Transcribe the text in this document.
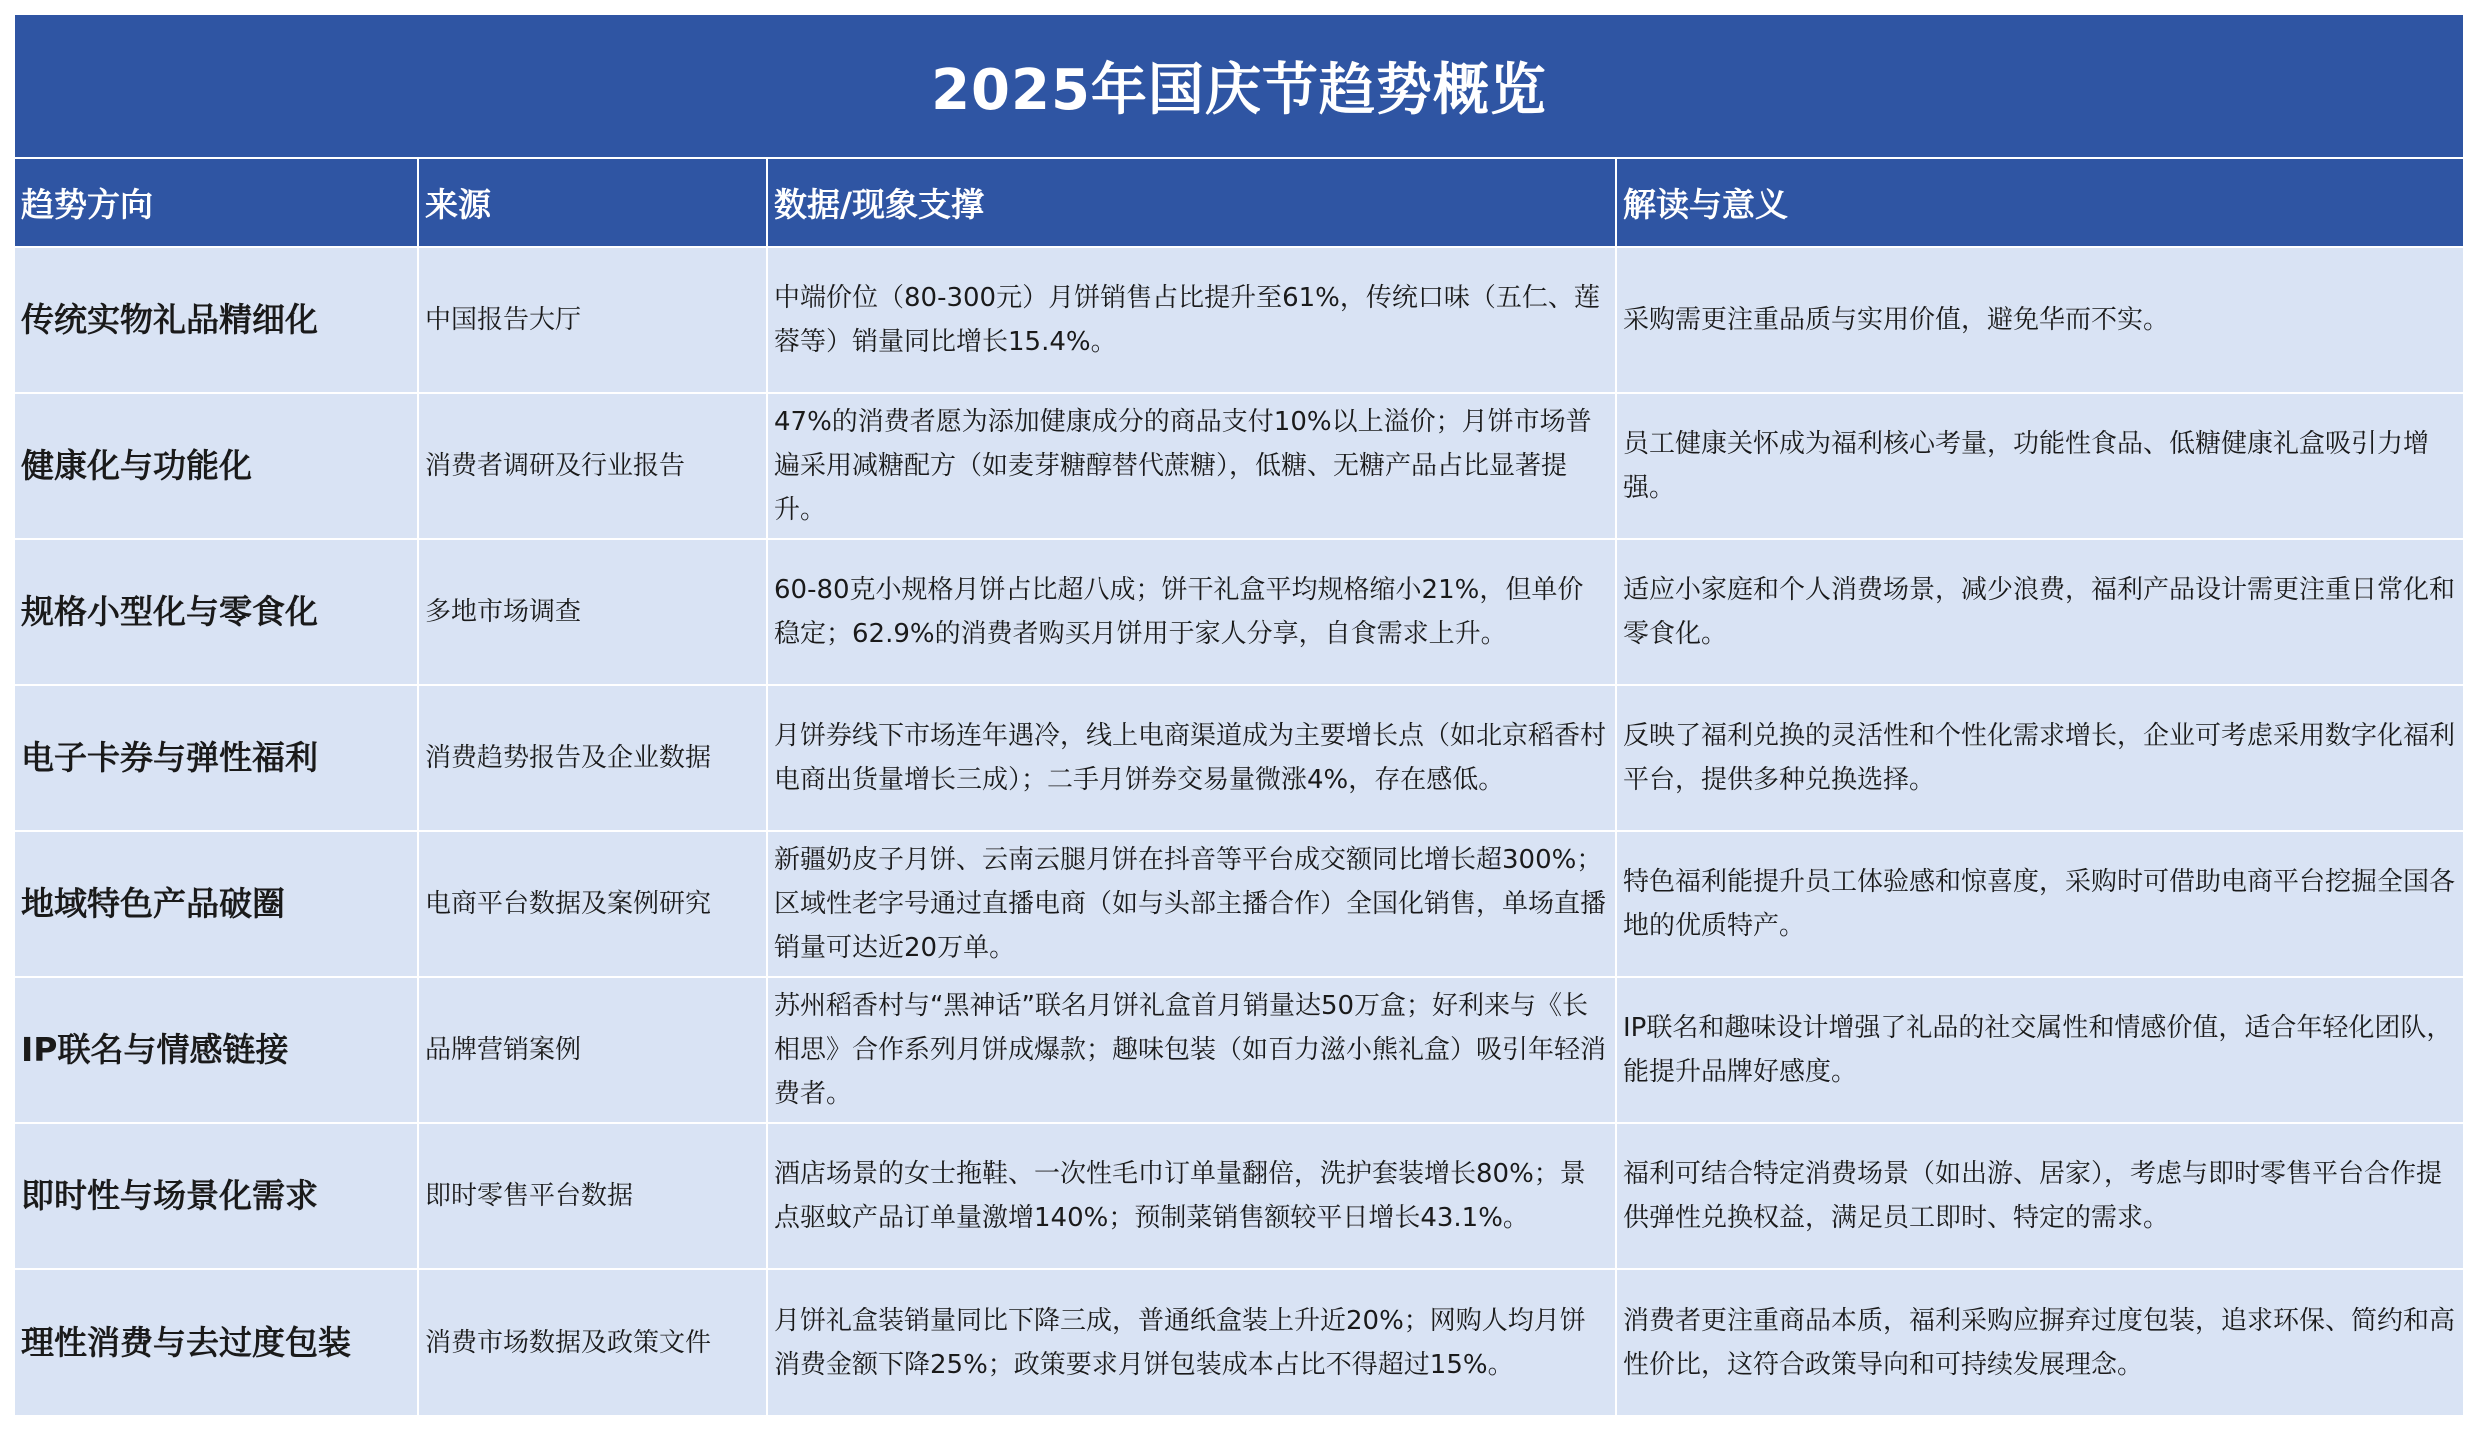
2025年国庆节趋势概览
趋势方向	来源	数据/现象支撑	解读与意义
传统实物礼品精细化	中国报告大厅	中端价位（80-300元）月饼销售占比提升至61%，传统口味（五仁、莲蓉等）销量同比增长15.4%。	采购需更注重品质与实用价值，避免华而不实。
健康化与功能化	消费者调研及行业报告	47%的消费者愿为添加健康成分的商品支付10%以上溢价；月饼市场普遍采用减糖配方（如麦芽糖醇替代蔗糖），低糖、无糖产品占比显著提升。	员工健康关怀成为福利核心考量，功能性食品、低糖健康礼盒吸引力增强。
规格小型化与零食化	多地市场调查	60-80克小规格月饼占比超八成；饼干礼盒平均规格缩小21%，但单价稳定；62.9%的消费者购买月饼用于家人分享，自食需求上升。	适应小家庭和个人消费场景，减少浪费，福利产品设计需更注重日常化和零食化。
电子卡券与弹性福利	消费趋势报告及企业数据	月饼券线下市场连年遇冷，线上电商渠道成为主要增长点（如北京稻香村电商出货量增长三成）；二手月饼券交易量微涨4%，存在感低。	反映了福利兑换的灵活性和个性化需求增长，企业可考虑采用数字化福利平台，提供多种兑换选择。
地域特色产品破圈	电商平台数据及案例研究	新疆奶皮子月饼、云南云腿月饼在抖音等平台成交额同比增长超300%；区域性老字号通过直播电商（如与头部主播合作）全国化销售，单场直播销量可达近20万单。	特色福利能提升员工体验感和惊喜度，采购时可借助电商平台挖掘全国各地的优质特产。
IP联名与情感链接	品牌营销案例	苏州稻香村与“黑神话”联名月饼礼盒首月销量达50万盒；好利来与《长相思》合作系列月饼成爆款；趣味包装（如百力滋小熊礼盒）吸引年轻消费者。	IP联名和趣味设计增强了礼品的社交属性和情感价值，适合年轻化团队，能提升品牌好感度。
即时性与场景化需求	即时零售平台数据	酒店场景的女士拖鞋、一次性毛巾订单量翻倍，洗护套装增长80%；景点驱蚊产品订单量激增140%；预制菜销售额较平日增长43.1%。	福利可结合特定消费场景（如出游、居家），考虑与即时零售平台合作提供弹性兑换权益，满足员工即时、特定的需求。
理性消费与去过度包装	消费市场数据及政策文件	月饼礼盒装销量同比下降三成，普通纸盒装上升近20%；网购人均月饼消费金额下降25%；政策要求月饼包装成本占比不得超过15%。	消费者更注重商品本质，福利采购应摒弃过度包装，追求环保、简约和高性价比，这符合政策导向和可持续发展理念。
